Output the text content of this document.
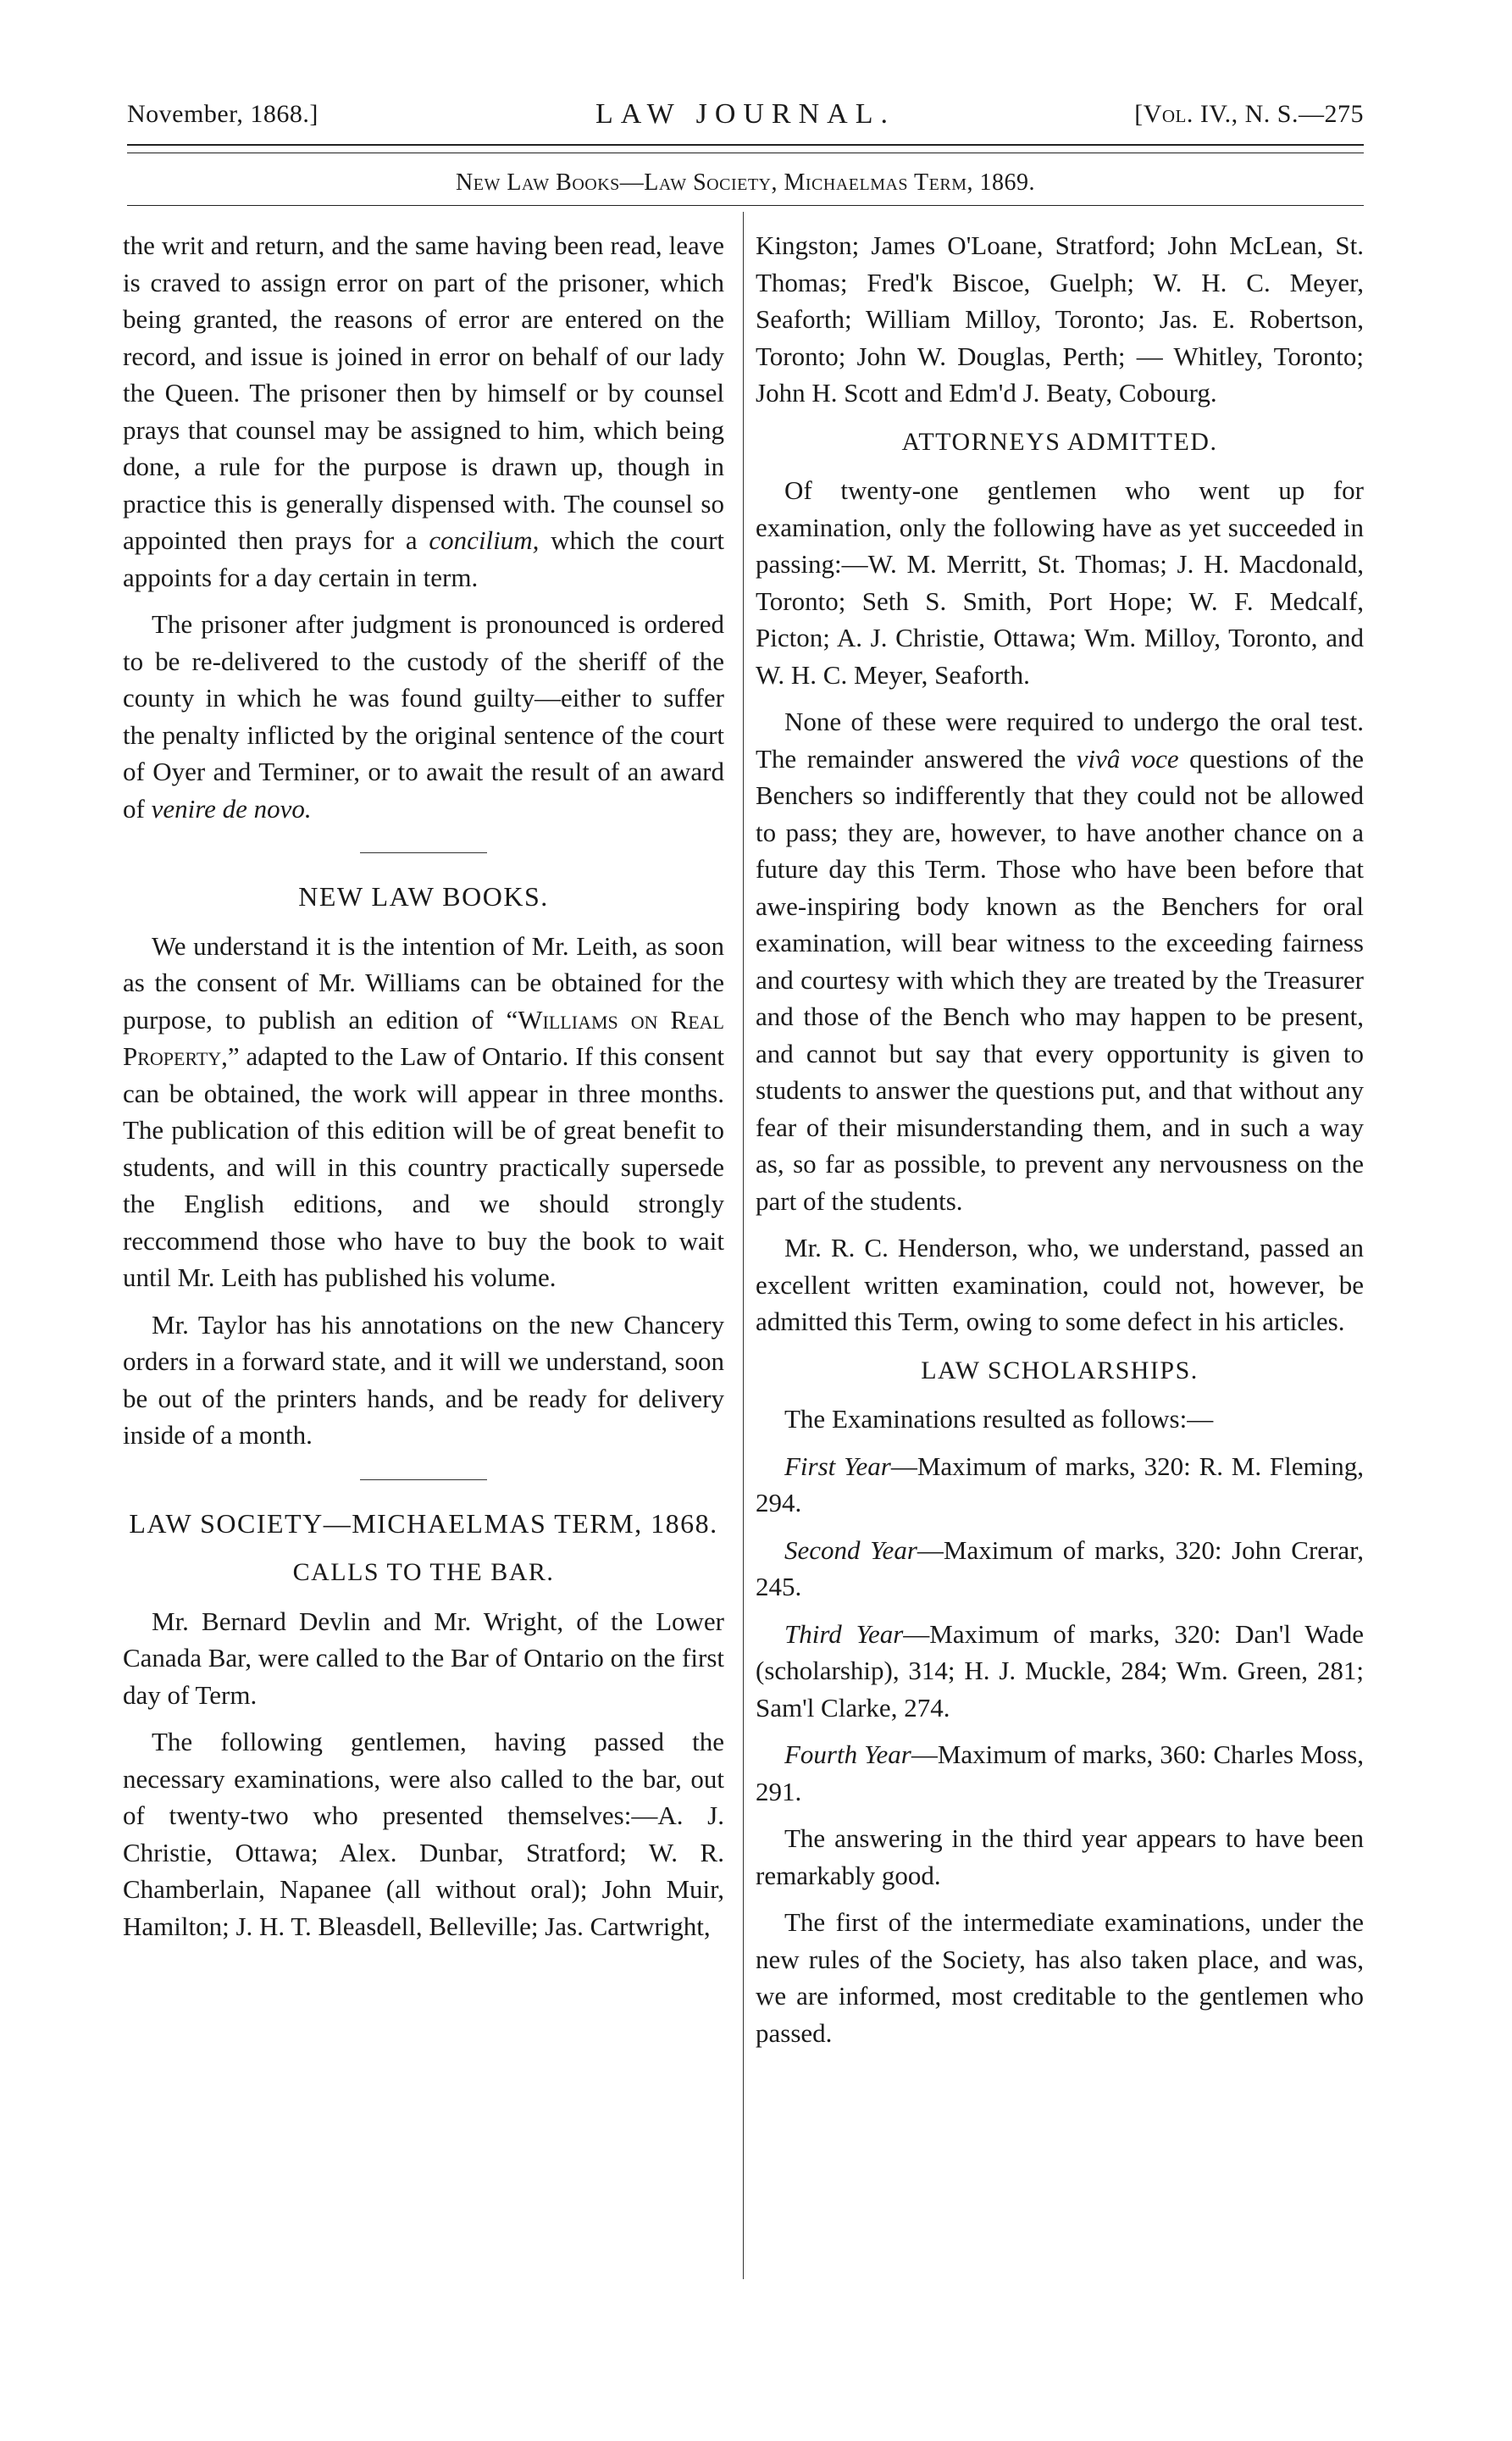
November, 1868.]	LAW JOURNAL.	[Vol. IV., N. S.—275
New Law Books—Law Society, Michaelmas Term, 1869.

the writ and return, and the same having been read, leave is craved to assign error on part of the prisoner, which being granted, the reasons of error are entered on the record, and issue is joined in error on behalf of our lady the Queen. The prisoner then by himself or by counsel prays that counsel may be assigned to him, which being done, a rule for the purpose is drawn up, though in practice this is generally dispensed with. The counsel so appointed then prays for a concilium, which the court appoints for a day certain in term.

The prisoner after judgment is pronounced is ordered to be re-delivered to the custody of the sheriff of the county in which he was found guilty—either to suffer the penalty inflicted by the original sentence of the court of Oyer and Terminer, or to await the result of an award of venire de novo.

NEW LAW BOOKS.

We understand it is the intention of Mr. Leith, as soon as the consent of Mr. Williams can be obtained for the purpose, to publish an edition of “Williams on Real Property,” adapted to the Law of Ontario. If this consent can be obtained, the work will appear in three months. The publication of this edition will be of great benefit to students, and will in this country practically supersede the English editions, and we should strongly reccommend those who have to buy the book to wait until Mr. Leith has published his volume.

Mr. Taylor has his annotations on the new Chancery orders in a forward state, and it will we understand, soon be out of the printers hands, and be ready for delivery inside of a month.

LAW SOCIETY—MICHAELMAS TERM, 1868.
CALLS TO THE BAR.

Mr. Bernard Devlin and Mr. Wright, of the Lower Canada Bar, were called to the Bar of Ontario on the first day of Term.

The following gentlemen, having passed the necessary examinations, were also called to the bar, out of twenty-two who presented themselves:—A. J. Christie, Ottawa; Alex. Dunbar, Stratford; W. R. Chamberlain, Napanee (all without oral); John Muir, Hamilton; J. H. T. Bleasdell, Belleville; Jas. Cartwright,

Kingston; James O'Loane, Stratford; John McLean, St. Thomas; Fred'k Biscoe, Guelph; W. H. C. Meyer, Seaforth; William Milloy, Toronto; Jas. E. Robertson, Toronto; John W. Douglas, Perth; — Whitley, Toronto; John H. Scott and Edm'd J. Beaty, Cobourg.

ATTORNEYS ADMITTED.

Of twenty-one gentlemen who went up for examination, only the following have as yet succeeded in passing:—W. M. Merritt, St. Thomas; J. H. Macdonald, Toronto; Seth S. Smith, Port Hope; W. F. Medcalf, Picton; A. J. Christie, Ottawa; Wm. Milloy, Toronto, and W. H. C. Meyer, Seaforth.

None of these were required to undergo the oral test. The remainder answered the vivâ voce questions of the Benchers so indifferently that they could not be allowed to pass; they are, however, to have another chance on a future day this Term. Those who have been before that awe-inspiring body known as the Benchers for oral examination, will bear witness to the exceeding fairness and courtesy with which they are treated by the Treasurer and those of the Bench who may happen to be present, and cannot but say that every opportunity is given to students to answer the questions put, and that without any fear of their misunderstanding them, and in such a way as, so far as possible, to prevent any nervousness on the part of the students.

Mr. R. C. Henderson, who, we understand, passed an excellent written examination, could not, however, be admitted this Term, owing to some defect in his articles.

LAW SCHOLARSHIPS.

The Examinations resulted as follows:—

First Year—Maximum of marks, 320: R. M. Fleming, 294.

Second Year—Maximum of marks, 320: John Crerar, 245.

Third Year—Maximum of marks, 320: Dan'l Wade (scholarship), 314; H. J. Muckle, 284; Wm. Green, 281; Sam'l Clarke, 274.

Fourth Year—Maximum of marks, 360: Charles Moss, 291.

The answering in the third year appears to have been remarkably good.

The first of the intermediate examinations, under the new rules of the Society, has also taken place, and was, we are informed, most creditable to the gentlemen who passed.
